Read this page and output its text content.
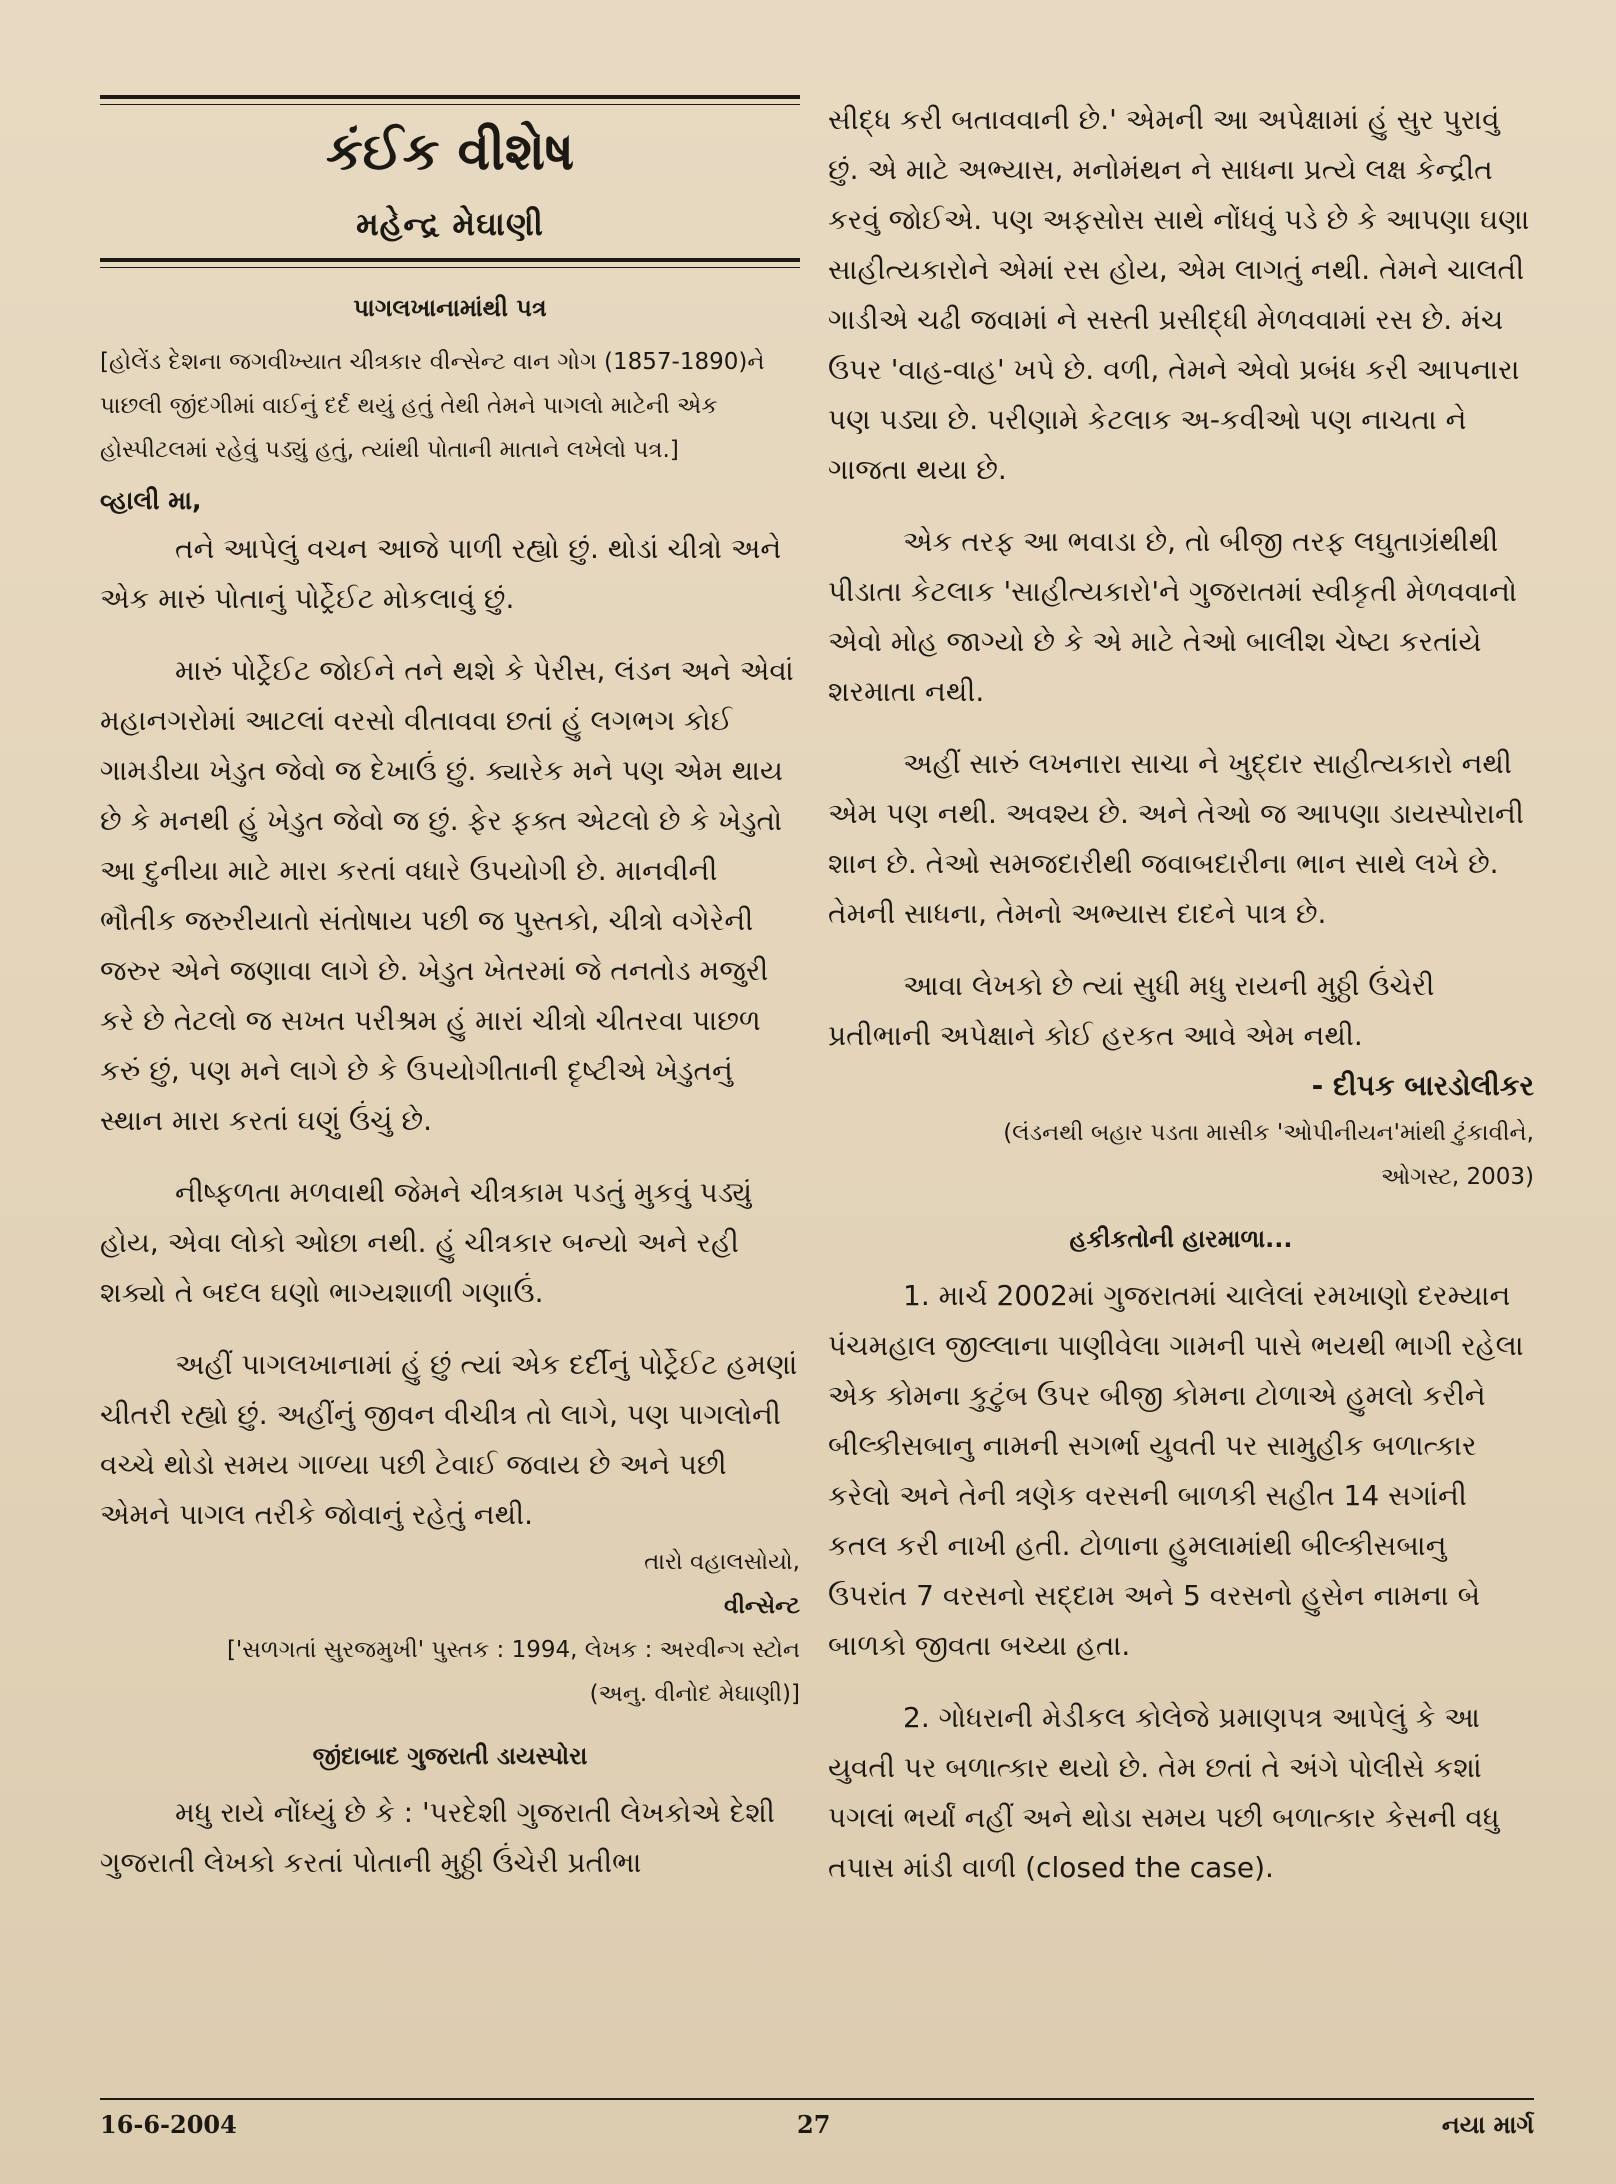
કંઈક વીશેષ
મહેન્દ્ર મેઘાણી
પાગલખાનામાંથી પત્ર

[હોલેંડ દેશના જગવીખ્યાત ચીત્રકાર વીન્સેન્ટ વાન ગોગ (1857-1890)ને પાછલી જીંદગીમાં વાઈનું દર્દ થયું હતું તેથી તેમને પાગલો માટેની એક હોસ્પીટલમાં રહેવું પડ્યું હતું, ત્યાંથી પોતાની માતાને લખેલો પત્ર.]

વ્હાલી મા,

તને આપેલું વચન આજે પાળી રહ્યો છું. થોડાં ચીત્રો અને એક મારું પોતાનું પોર્ટ્રેઈટ મોકલાવું છું.

મારું પોર્ટ્રેઈટ જોઈને તને થશે કે પેરીસ, લંડન અને એવાં મહાનગરોમાં આટલાં વરસો વીતાવવા છતાં હું લગભગ કોઈ ગામડીયા ખેડુત જેવો જ દેખાઉં છું. ક્યારેક મને પણ એમ થાય છે કે મનથી હું ખેડુત જેવો જ છું. ફેર ફક્ત એટલો છે કે ખેડુતો આ દુનીયા માટે મારા કરતાં વધારે ઉપયોગી છે. માનવીની ભૌતીક જરુરીયાતો સંતોષાય પછી જ પુસ્તકો, ચીત્રો વગેરેની જરુર એને જણાવા લાગે છે. ખેડુત ખેતરમાં જે તનતોડ મજુરી કરે છે તેટલો જ સખત પરીશ્રમ હું મારાં ચીત્રો ચીતરવા પાછળ કરું છું, પણ મને લાગે છે કે ઉપયોગીતાની દૃષ્ટીએ ખેડુતનું સ્થાન મારા કરતાં ઘણું ઉંચું છે.

નીષ્ફળતા મળવાથી જેમને ચીત્રકામ પડતું મુકવું પડ્યું હોય, એવા લોકો ઓછા નથી. હું ચીત્રકાર બન્યો અને રહી શક્યો તે બદલ ઘણો ભાગ્યશાળી ગણાઉં.

અહીં પાગલખાનામાં હું છું ત્યાં એક દર્દીનું પોર્ટ્રેઈટ હમણાં ચીતરી રહ્યો છું. અહીંનું જીવન વીચીત્ર તો લાગે, પણ પાગલોની વચ્ચે થોડો સમય ગાળ્યા પછી ટેવાઈ જવાય છે અને પછી એમને પાગલ તરીકે જોવાનું રહેતું નથી.

તારો વહાલસોયો,

વીન્સેન્ટ

['સળગતાં સુરજમુખી' પુસ્તક : 1994, લેખક : અરવીન્ગ સ્ટોન

(અનુ. વીનોદ મેઘાણી)]

જીંદાબાદ ગુજરાતી ડાયસ્પોરા

મધુ રાયે નોંધ્યું છે કે : 'પરદેશી ગુજરાતી લેખકોએ દેશી ગુજરાતી લેખકો કરતાં પોતાની મુઠ્ઠી ઉંચેરી પ્રતીભા

સીદ્ધ કરી બતાવવાની છે.' એમની આ અપેક્ષામાં હું સુર પુરાવું છું. એ માટે અભ્યાસ, મનોમંથન ને સાધના પ્રત્યે લક્ષ કેન્દ્રીત કરવું જોઈએ. પણ અફસોસ સાથે નોંધવું પડે છે કે આપણા ઘણા સાહીત્યકારોને એમાં રસ હોય, એમ લાગતું નથી. તેમને ચાલતી ગાડીએ ચઢી જવામાં ને સસ્તી પ્રસીદ્ધી મેળવવામાં રસ છે. મંચ ઉપર 'વાહ-વાહ' ખપે છે. વળી, તેમને એવો પ્રબંધ કરી આપનારા પણ પડ્યા છે. પરીણામે કેટલાક અ-કવીઓ પણ નાચતા ને ગાજતા થયા છે.

એક તરફ આ ભવાડા છે, તો બીજી તરફ લઘુતાગ્રંથીથી પીડાતા કેટલાક 'સાહીત્યકારો'ને ગુજરાતમાં સ્વીકૃતી મેળવવાનો એવો મોહ જાગ્યો છે કે એ માટે તેઓ બાલીશ ચેષ્ટા કરતાંયે શરમાતા નથી.

અહીં સારું લખનારા સાચા ને ખુદ્દાર સાહીત્યકારો નથી એમ પણ નથી. અવશ્ય છે. અને તેઓ જ આપણા ડાયસ્પોરાની શાન છે. તેઓ સમજદારીથી જવાબદારીના ભાન સાથે લખે છે. તેમની સાધના, તેમનો અભ્યાસ દાદને પાત્ર છે.

આવા લેખકો છે ત્યાં સુધી મધુ રાયની મુઠ્ઠી ઉંચેરી પ્રતીભાની અપેક્ષાને કોઈ હરકત આવે એમ નથી.

- દીપક બારડોલીકર

(લંડનથી બહાર પડતા માસીક 'ઓપીનીયન'માંથી ટુંકાવીને,

ઓગસ્ટ, 2003)

હકીકતોની હારમાળા...

1. માર્ચ 2002માં ગુજરાતમાં ચાલેલાં રમખાણો દરમ્યાન પંચમહાલ જીલ્લાના પાણીવેલા ગામની પાસે ભયથી ભાગી રહેલા એક કોમના કુટુંબ ઉપર બીજી કોમના ટોળાએ હુમલો કરીને બીલ્કીસબાનુ નામની સગર્ભા યુવતી પર સામુહીક બળાત્કાર કરેલો અને તેની ત્રણેક વરસની બાળકી સહીત 14 સગાંની કતલ કરી નાખી હતી. ટોળાના હુમલામાંથી બીલ્કીસબાનુ ઉપરાંત 7 વરસનો સદ્દામ અને 5 વરસનો હુસેન નામના બે બાળકો જીવતા બચ્યા હતા.

2. ગોધરાની મેડીકલ કોલેજે પ્રમાણપત્ર આપેલું કે આ યુવતી પર બળાત્કાર થયો છે. તેમ છતાં તે અંગે પોલીસે કશાં પગલાં ભર્યાં નહીં અને થોડા સમય પછી બળાત્કાર કેસની વધુ તપાસ માંડી વાળી (closed the case).

16-6-2004	27	નયા માર્ગ
